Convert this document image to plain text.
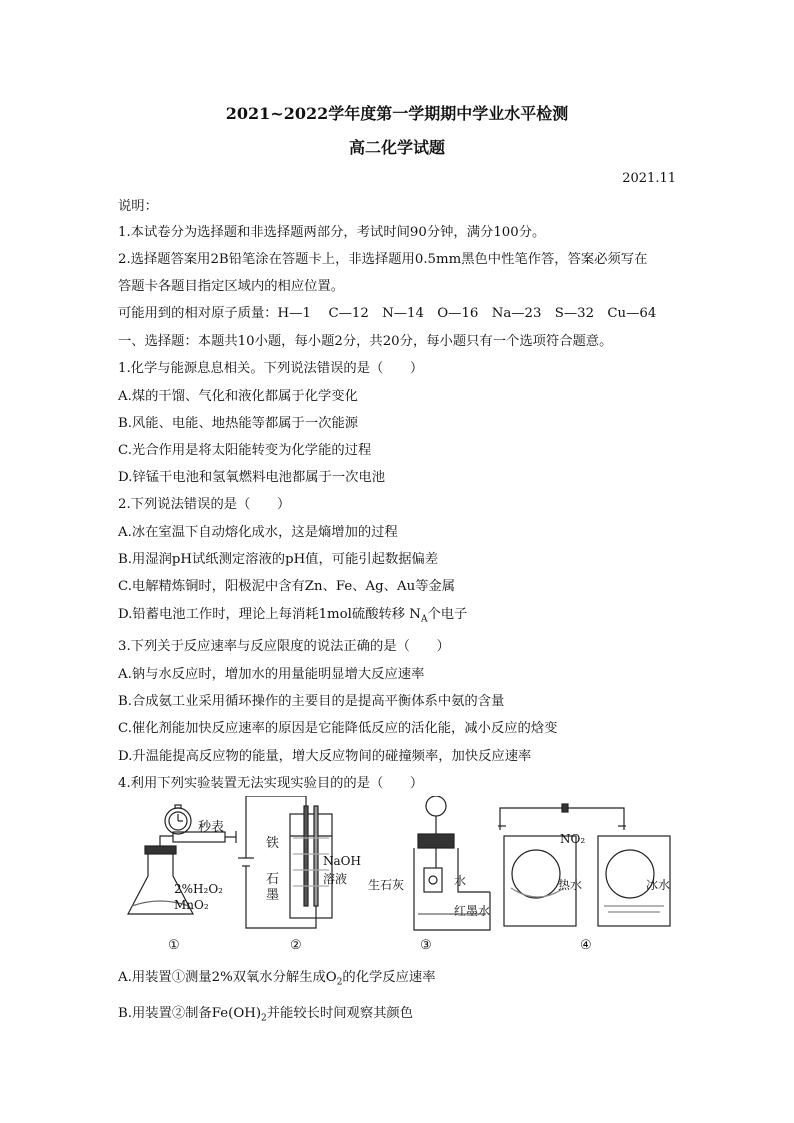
2021~2022学年度第一学期期中学业水平检测
高二化学试题
2021.11
说明：
1.本试卷分为选择题和非选择题两部分，考试时间90分钟，满分100分。
2.选择题答案用2B铅笔涂在答题卡上，非选择题用0.5mm黑色中性笔作答，答案必须写在
答题卡各题目指定区域内的相应位置。
可能用到的相对原子质量：H—1　 C—12　N—14　O—16　Na—23　S—32　Cu—64
一、选择题：本题共10小题，每小题2分，共20分，每小题只有一个选项符合题意。
1.化学与能源息息相关。下列说法错误的是（　　）
A.煤的干馏、气化和液化都属于化学变化
B.风能、电能、地热能等都属于一次能源
C.光合作用是将太阳能转变为化学能的过程
D.锌锰干电池和氢氧燃料电池都属于一次电池
2.下列说法错误的是（　　）
A.冰在室温下自动熔化成水，这是熵增加的过程
B.用湿润pH试纸测定溶液的pH值，可能引起数据偏差
C.电解精炼铜时，阳极泥中含有Zn、Fe、Ag、Au等金属
D.铅蓄电池工作时，理论上每消耗1mol硫酸转移 $N_A$个电子
3.下列关于反应速率与反应限度的说法正确的是（　　）
A.钠与水反应时，增加水的用量能明显增大反应速率
B.合成氨工业采用循环操作的主要目的是提高平衡体系中氨的含量
C.催化剂能加快反应速率的原因是它能降低反应的活化能，减小反应的焓变
D.升温能提高反应物的能量，增大反应物间的碰撞频率，加快反应速率
4.利用下列实验装置无法实现实验目的的是（　　）
秒表
2%H₂O₂
MnO₂
铁
石墨
NaOH
溶液 生石灰	水
红墨水
NO₂
热水	冰水
①	②	③	④
A.用装置①测量2%双氧水分解生成$O_2$的化学反应速率
B.用装置②制备$Fe(OH)_2$并能较长时间观察其颜色
